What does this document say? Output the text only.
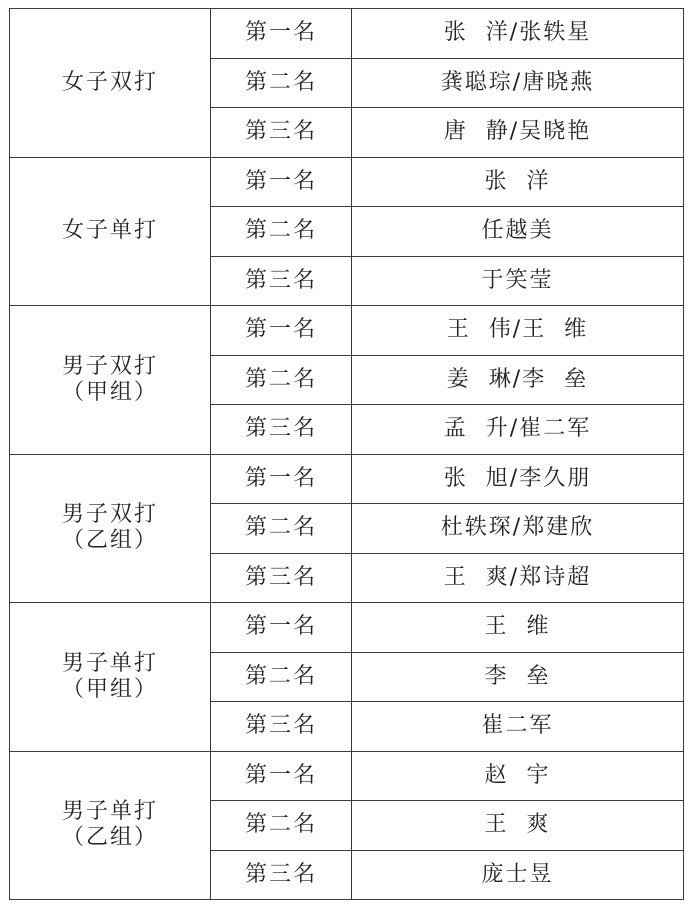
女子双打	第一名	张  洋/张轶星
	第二名	龚聪琮/唐晓燕
	第三名	唐  静/吴晓艳

女子单打	第一名	张  洋
	第二名	任越美
	第三名	于笑莹

男子双打
（甲组）	第一名	王  伟/王  维
	第二名	姜  琳/李  垒
	第三名	孟  升/崔二军

男子双打
（乙组）	第一名	张  旭/李久朋
	第二名	杜轶琛/郑建欣
	第三名	王  爽/郑诗超

男子单打
（甲组）	第一名	王  维
	第二名	李  垒
	第三名	崔二军

男子单打
（乙组）	第一名	赵  宇
	第二名	王  爽
	第三名	庞士昱
